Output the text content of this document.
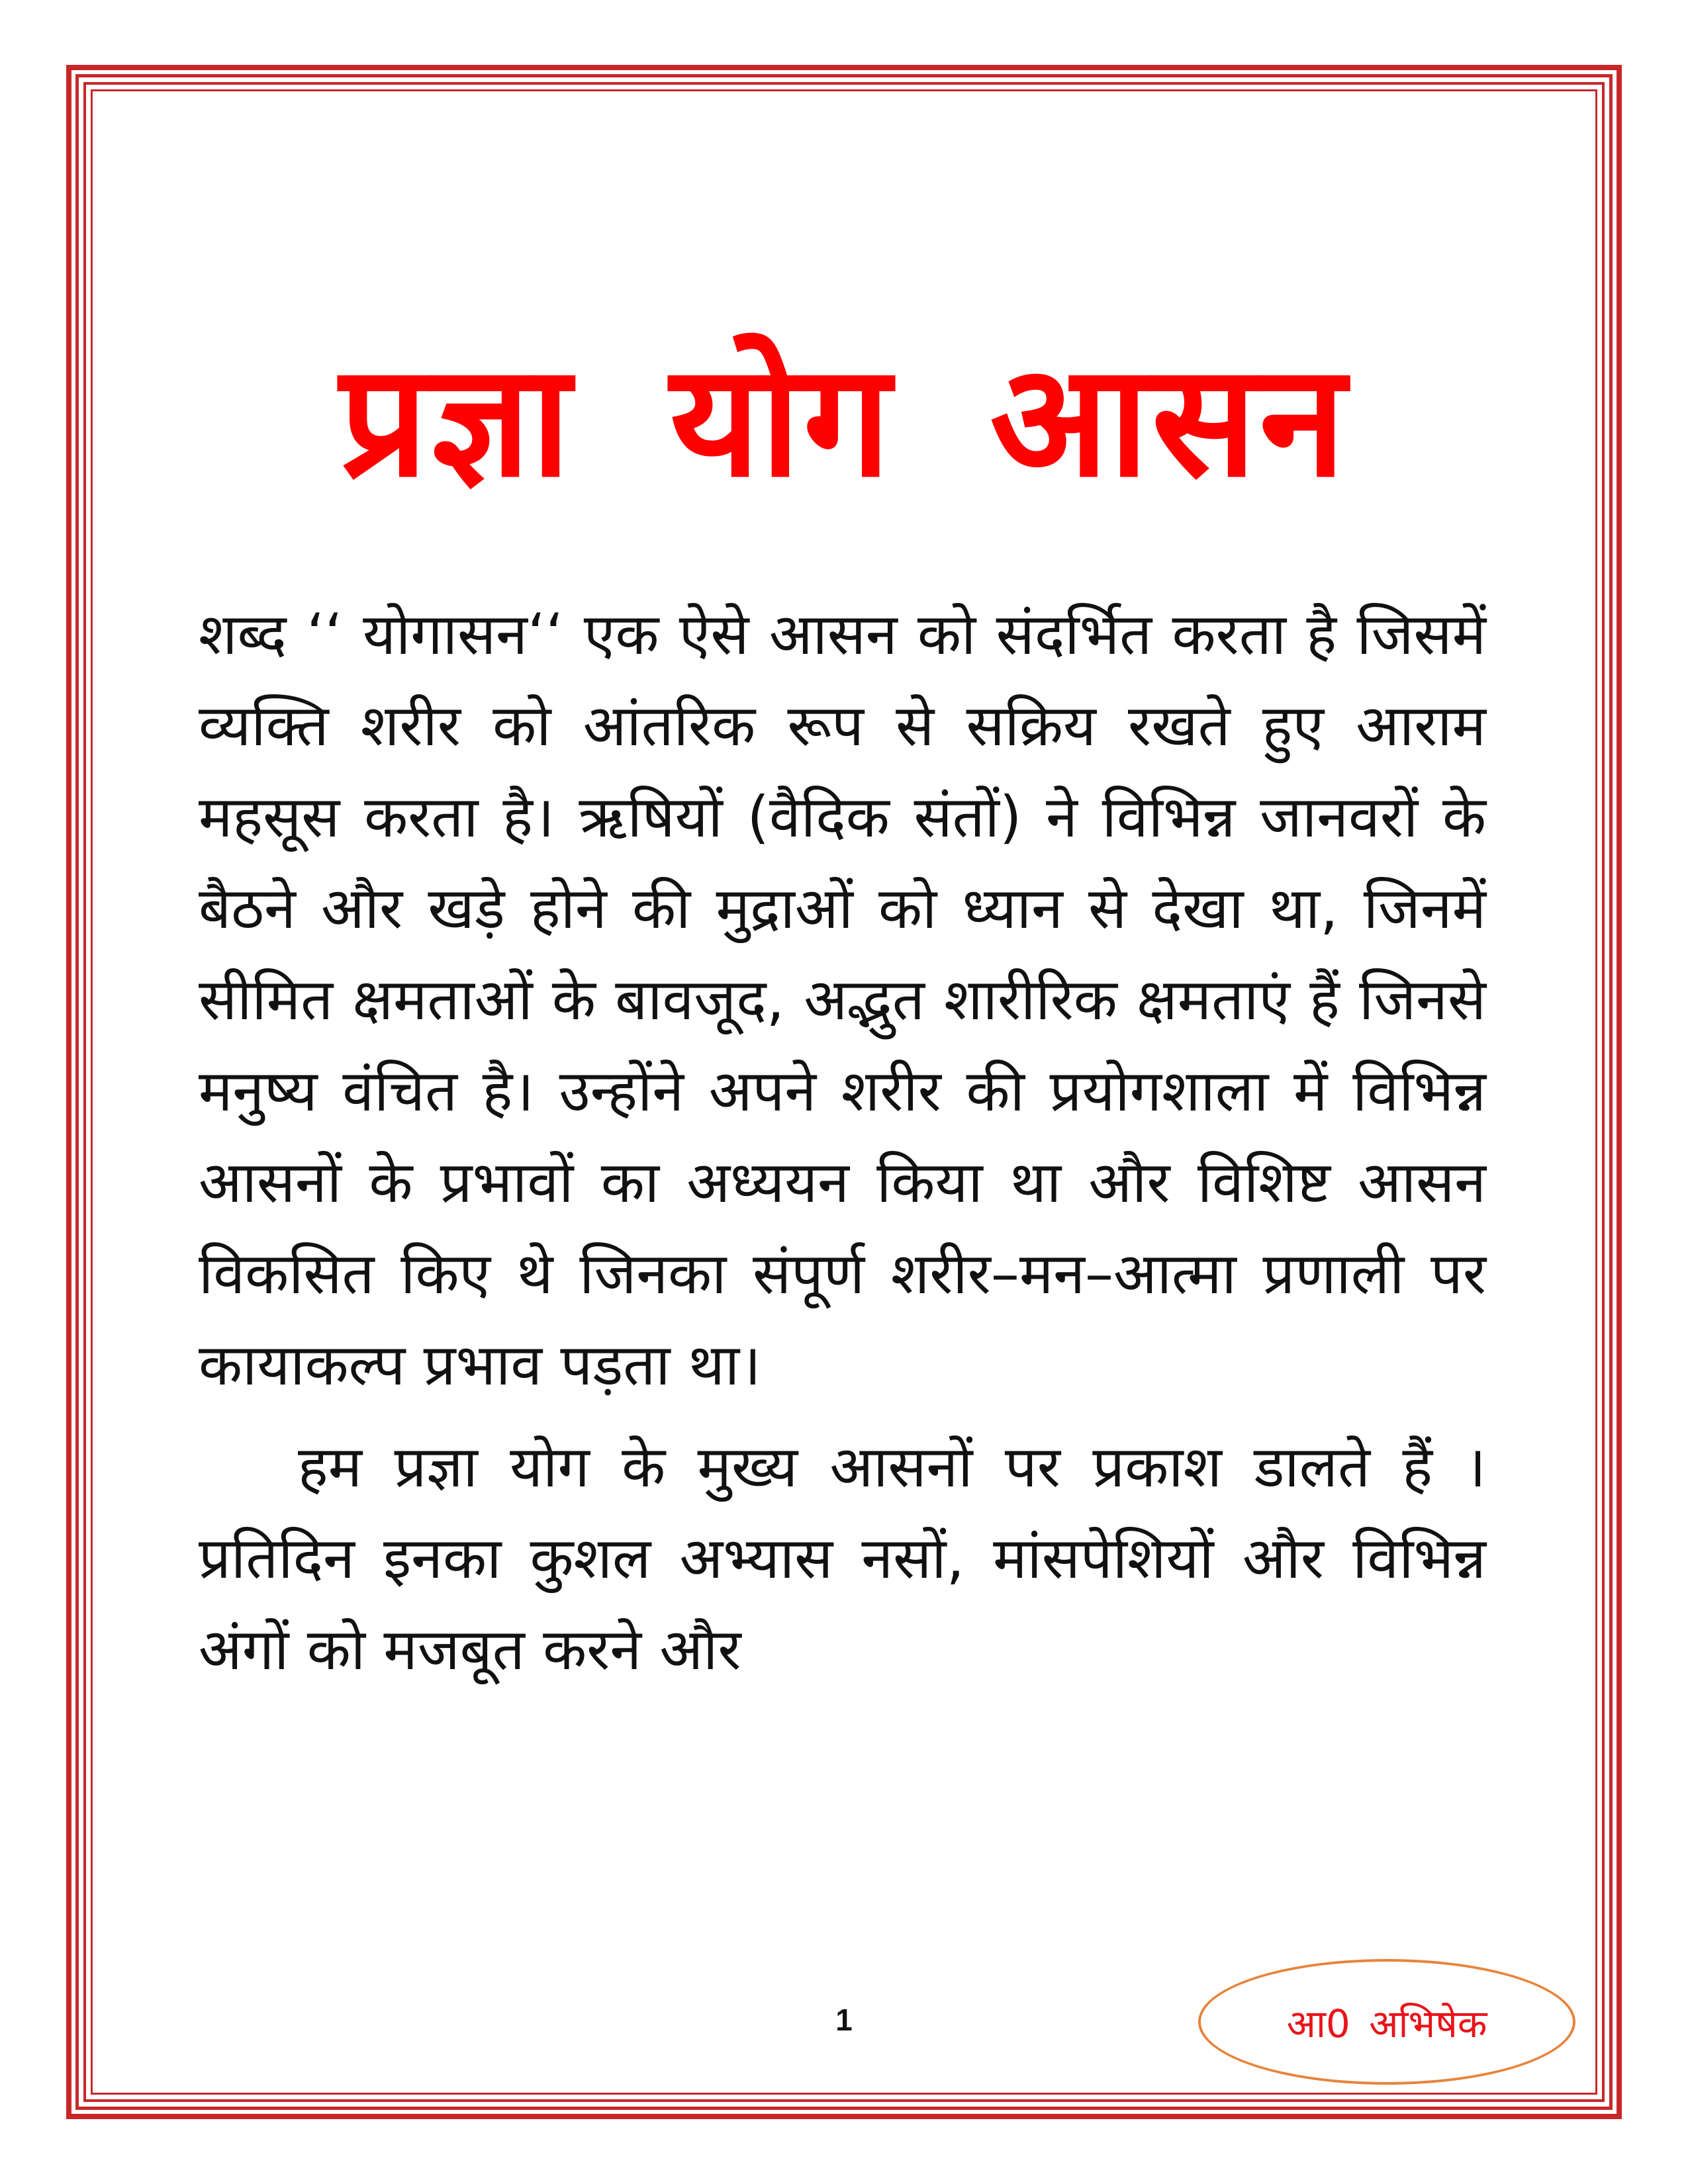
प्रज्ञा योग आसन

शब्द ‘‘ योगासन‘‘ एक ऐसे आसन को संदर्भित करता है जिसमें व्यक्ति शरीर को आंतरिक रूप से सक्रिय रखते हुए आराम महसूस करता है। ऋषियों (वैदिक संतों) ने विभिन्न जानवरों के बैठने और खड़े होने की मुद्राओं को ध्यान से देखा था, जिनमें सीमित क्षमताओं के बावजूद, अद्भुत शारीरिक क्षमताएं हैं जिनसे मनुष्य वंचित है। उन्होंने अपने शरीर की प्रयोगशाला में विभिन्न आसनों के प्रभावों का अध्ययन किया था और विशिष्ट आसन विकसित किए थे जिनका संपूर्ण शरीर–मन–आत्मा प्रणाली पर कायाकल्प प्रभाव पड़ता था।

हम प्रज्ञा योग के मुख्य आसनों पर प्रकाश डालते हैं । प्रतिदिन इनका कुशल अभ्यास नसों, मांसपेशियों और विभिन्न अंगों को मजबूत करने और

1	आ0 अभिषेक
